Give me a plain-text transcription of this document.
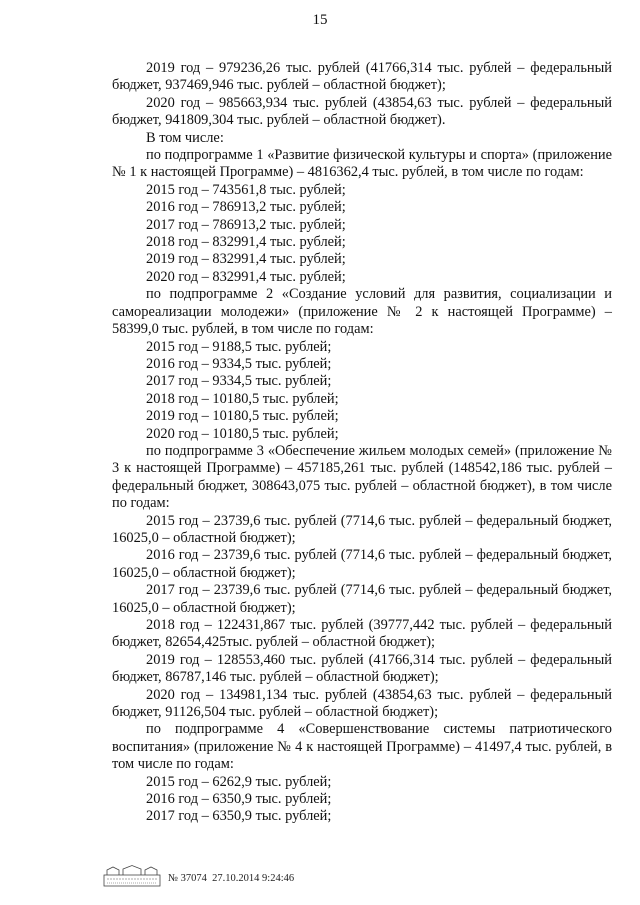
15

2019 год – 979236,26 тыс. рублей (41766,314 тыс. рублей – федеральный бюджет, 937469,946 тыс. рублей – областной бюджет);

2020 год – 985663,934 тыс. рублей (43854,63 тыс. рублей – федеральный бюджет, 941809,304 тыс. рублей – областной бюджет).

В том числе:

по подпрограмме 1 «Развитие физической культуры и спорта» (приложение № 1 к настоящей Программе) – 4816362,4 тыс. рублей, в том числе по годам:

2015 год – 743561,8 тыс. рублей;

2016 год – 786913,2 тыс. рублей;

2017 год – 786913,2 тыс. рублей;

2018 год – 832991,4 тыс. рублей;

2019 год – 832991,4 тыс. рублей;

2020 год – 832991,4 тыс. рублей;

по подпрограмме 2 «Создание условий для развития, социализации и самореализации молодежи» (приложение № 2 к настоящей Программе) – 58399,0 тыс. рублей, в том числе по годам:

2015 год – 9188,5 тыс. рублей;

2016 год – 9334,5 тыс. рублей;

2017 год – 9334,5 тыс. рублей;

2018 год – 10180,5 тыс. рублей;

2019 год – 10180,5 тыс. рублей;

2020 год – 10180,5 тыс. рублей;

по подпрограмме 3 «Обеспечение жильем молодых семей» (приложение № 3 к настоящей Программе) – 457185,261 тыс. рублей (148542,186 тыс. рублей – федеральный бюджет, 308643,075 тыс. рублей – областной бюджет), в том числе по годам:

2015 год – 23739,6 тыс. рублей (7714,6 тыс. рублей – федеральный бюджет, 16025,0 – областной бюджет);

2016 год – 23739,6 тыс. рублей (7714,6 тыс. рублей – федеральный бюджет, 16025,0 – областной бюджет);

2017 год – 23739,6 тыс. рублей (7714,6 тыс. рублей – федеральный бюджет, 16025,0 – областной бюджет);

2018 год – 122431,867 тыс. рублей (39777,442 тыс. рублей – федеральный бюджет, 82654,425тыс. рублей – областной бюджет);

2019 год – 128553,460 тыс. рублей (41766,314 тыс. рублей – федеральный бюджет, 86787,146 тыс. рублей – областной бюджет);

2020 год – 134981,134 тыс. рублей (43854,63 тыс. рублей – федеральный бюджет, 91126,504 тыс. рублей – областной бюджет);

по подпрограмме 4 «Совершенствование системы патриотического воспитания» (приложение № 4 к настоящей Программе) – 41497,4 тыс. рублей, в том числе по годам:

2015 год – 6262,9 тыс. рублей;

2016 год – 6350,9 тыс. рублей;

2017 год – 6350,9 тыс. рублей;

№ 37074 27.10.2014 9:24:46
